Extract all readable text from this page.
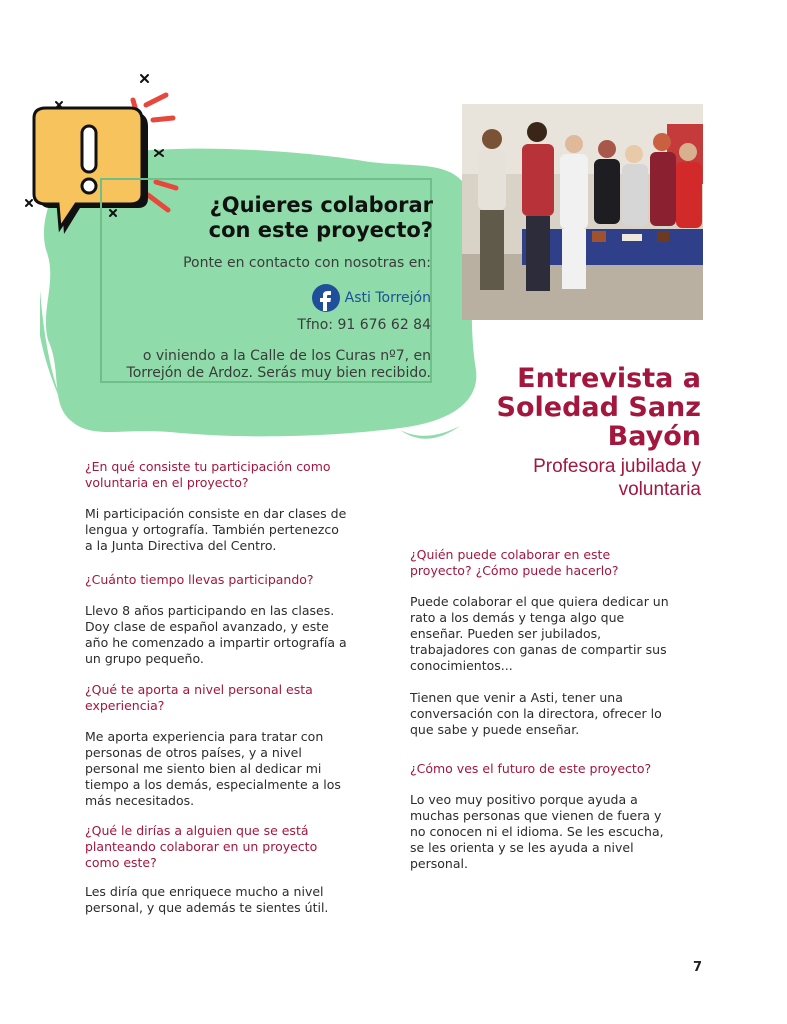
¿Quieres colaborar
con este proyecto?
Ponte en contacto con nosotras en:
Asti Torrejón
Tfno: 91 676 62 84
o viniendo a la Calle de los Curas nº7, en
Torrejón de Ardoz. Serás muy bien recibido.	Entrevista a
Soledad Sanz
Bayón
Profesora jubilada y
voluntaria
¿En qué consiste tu participación como
voluntaria en el proyecto?
Mi participación consiste en dar clases de
lengua y ortografía. También pertenezco
a la Junta Directiva del Centro.
¿Cuánto tiempo llevas participando?
Llevo 8 años participando en las clases.
Doy clase de español avanzado, y este
año he comenzado a impartir ortografía a
un grupo pequeño.
¿Qué te aporta a nivel personal esta
experiencia?
Me aporta experiencia para tratar con
personas de otros países, y a nivel
personal me siento bien al dedicar mi
tiempo a los demás, especialmente a los
más necesitados.
¿Qué le dirías a alguien que se está
planteando colaborar en un proyecto
como este?
Les diría que enriquece mucho a nivel
personal, y que además te sientes útil.
¿Quién puede colaborar en este
proyecto? ¿Cómo puede hacerlo?
Puede colaborar el que quiera dedicar un
rato a los demás y tenga algo que
enseñar. Pueden ser jubilados,
trabajadores con ganas de compartir sus
conocimientos...
Tienen que venir a Asti, tener una
conversación con la directora, ofrecer lo
que sabe y puede enseñar.
¿Cómo ves el futuro de este proyecto?
Lo veo muy positivo porque ayuda a
muchas personas que vienen de fuera y
no conocen ni el idioma. Se les escucha,
se les orienta y se les ayuda a nivel
personal.
7
